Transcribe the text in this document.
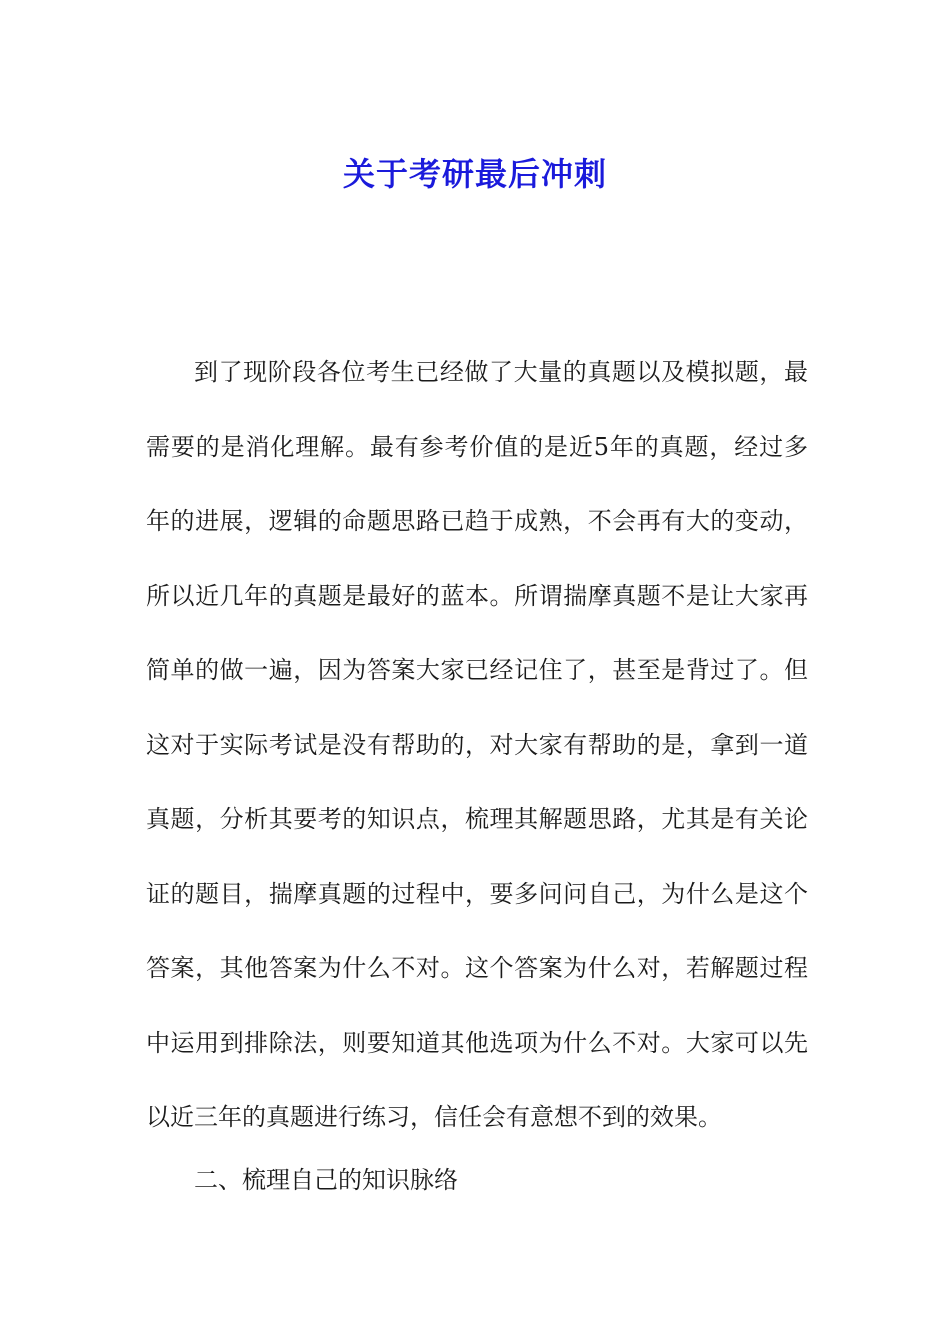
关于考研最后冲刺

到了现阶段各位考生已经做了大量的真题以及模拟题，最需要的是消化理解。最有参考价值的是近5年的真题，经过多年的进展，逻辑的命题思路已趋于成熟，不会再有大的变动，所以近几年的真题是最好的蓝本。所谓揣摩真题不是让大家再简单的做一遍，因为答案大家已经记住了，甚至是背过了。但这对于实际考试是没有帮助的，对大家有帮助的是，拿到一道真题，分析其要考的知识点，梳理其解题思路，尤其是有关论证的题目，揣摩真题的过程中，要多问问自己，为什么是这个答案，其他答案为什么不对。这个答案为什么对，若解题过程中运用到排除法，则要知道其他选项为什么不对。大家可以先以近三年的真题进行练习，信任会有意想不到的效果。

二、梳理自己的知识脉络
